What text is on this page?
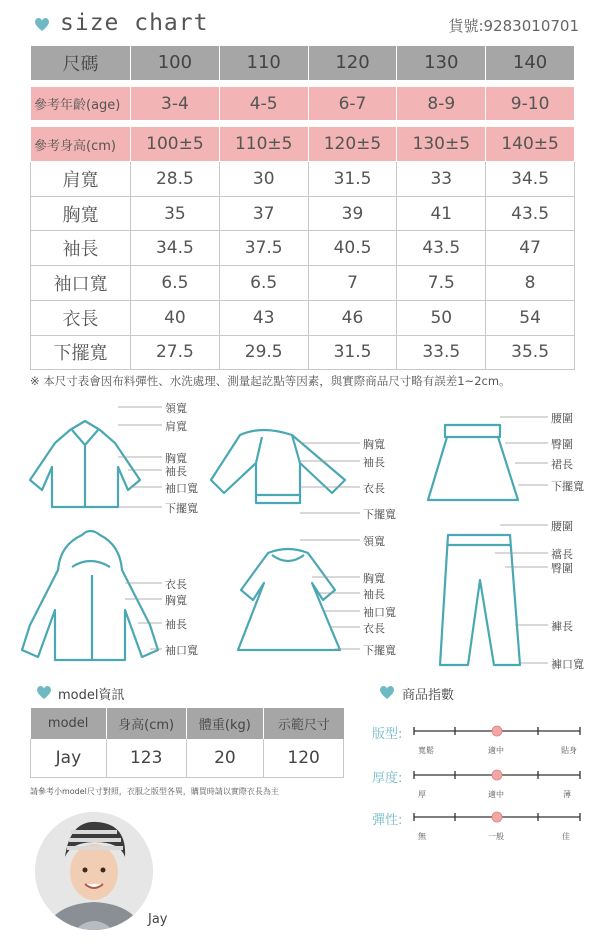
size chart	貨號:9283010701
尺碼	100	110	120	130	140

參考年齡(age)	3-4	4-5	6-7	8-9	9-10

參考身高(cm)	100±5	110±5	120±5	130±5	140±5
肩寬	28.5	30	31.5	33	34.5
胸寬	35	37	39	41	43.5
袖長	34.5	37.5	40.5	43.5	47
袖口寬	6.5	6.5	7	7.5	8
衣長	40	43	46	50	54
下擺寬	27.5	29.5	31.5	33.5	35.5
※ 本尺寸表會因布料彈性、水洗處理、測量起訖點等因素，與實際商品尺寸略有誤差1~2cm。
領寬
肩寬
胸寬
袖長
袖口寬
下擺寬
胸寬
袖長
衣長
下擺寬
腰圍
臀圍
裙長
下擺寬
衣長
胸寬
袖長
袖口寬
領寬
胸寬
袖長
袖口寬
衣長
下擺寬
腰圍
襠長
臀圍
褲長
褲口寬
model資訊
model	身高(cm)	體重(kg)	示範尺寸
Jay	123	20	120
請參考小model尺寸對照，衣服之版型各異，購買時請以實際衣長為主
Jay
商品指數
版型:
寬鬆	適中	貼身
厚度:
厚	適中	薄
彈性:
無	一般	佳
